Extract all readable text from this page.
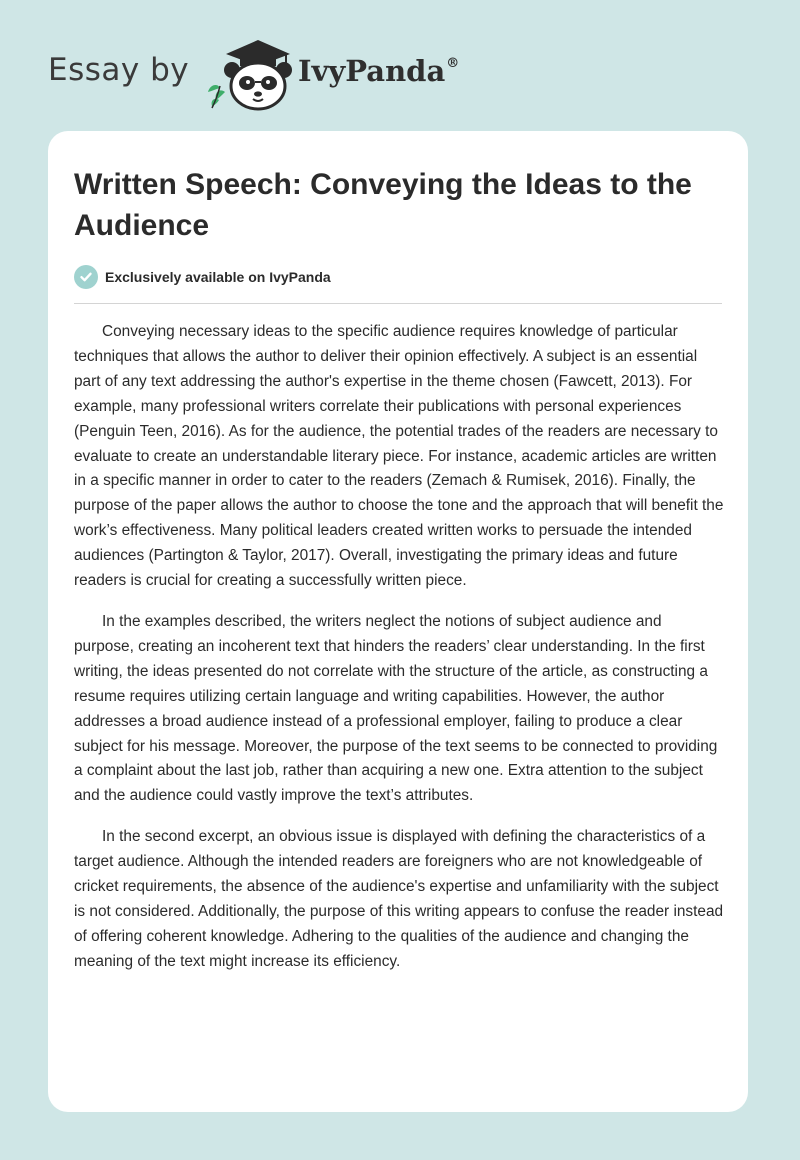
Essay by	IvyPanda®
Written Speech: Conveying the Ideas to the Audience
Exclusively available on IvyPanda

Conveying necessary ideas to the specific audience requires knowledge of particular techniques that allows the author to deliver their opinion effectively. A subject is an essential part of any text addressing the author's expertise in the theme chosen (Fawcett, 2013). For example, many professional writers correlate their publications with personal experiences (Penguin Teen, 2016). As for the audience, the potential trades of the readers are necessary to evaluate to create an understandable literary piece. For instance, academic articles are written in a specific manner in order to cater to the readers (Zemach & Rumisek, 2016). Finally, the purpose of the paper allows the author to choose the tone and the approach that will benefit the work’s effectiveness. Many political leaders created written works to persuade the intended audiences (Partington & Taylor, 2017). Overall, investigating the primary ideas and future readers is crucial for creating a successfully written piece.

In the examples described, the writers neglect the notions of subject audience and purpose, creating an incoherent text that hinders the readers’ clear understanding. In the first writing, the ideas presented do not correlate with the structure of the article, as constructing a resume requires utilizing certain language and writing capabilities. However, the author addresses a broad audience instead of a professional employer, failing to produce a clear subject for his message. Moreover, the purpose of the text seems to be connected to providing a complaint about the last job, rather than acquiring a new one. Extra attention to the subject and the audience could vastly improve the text’s attributes.

In the second excerpt, an obvious issue is displayed with defining the characteristics of a target audience. Although the intended readers are foreigners who are not knowledgeable of cricket requirements, the absence of the audience's expertise and unfamiliarity with the subject is not considered. Additionally, the purpose of this writing appears to confuse the reader instead of offering coherent knowledge. Adhering to the qualities of the audience and changing the meaning of the text might increase its efficiency.
